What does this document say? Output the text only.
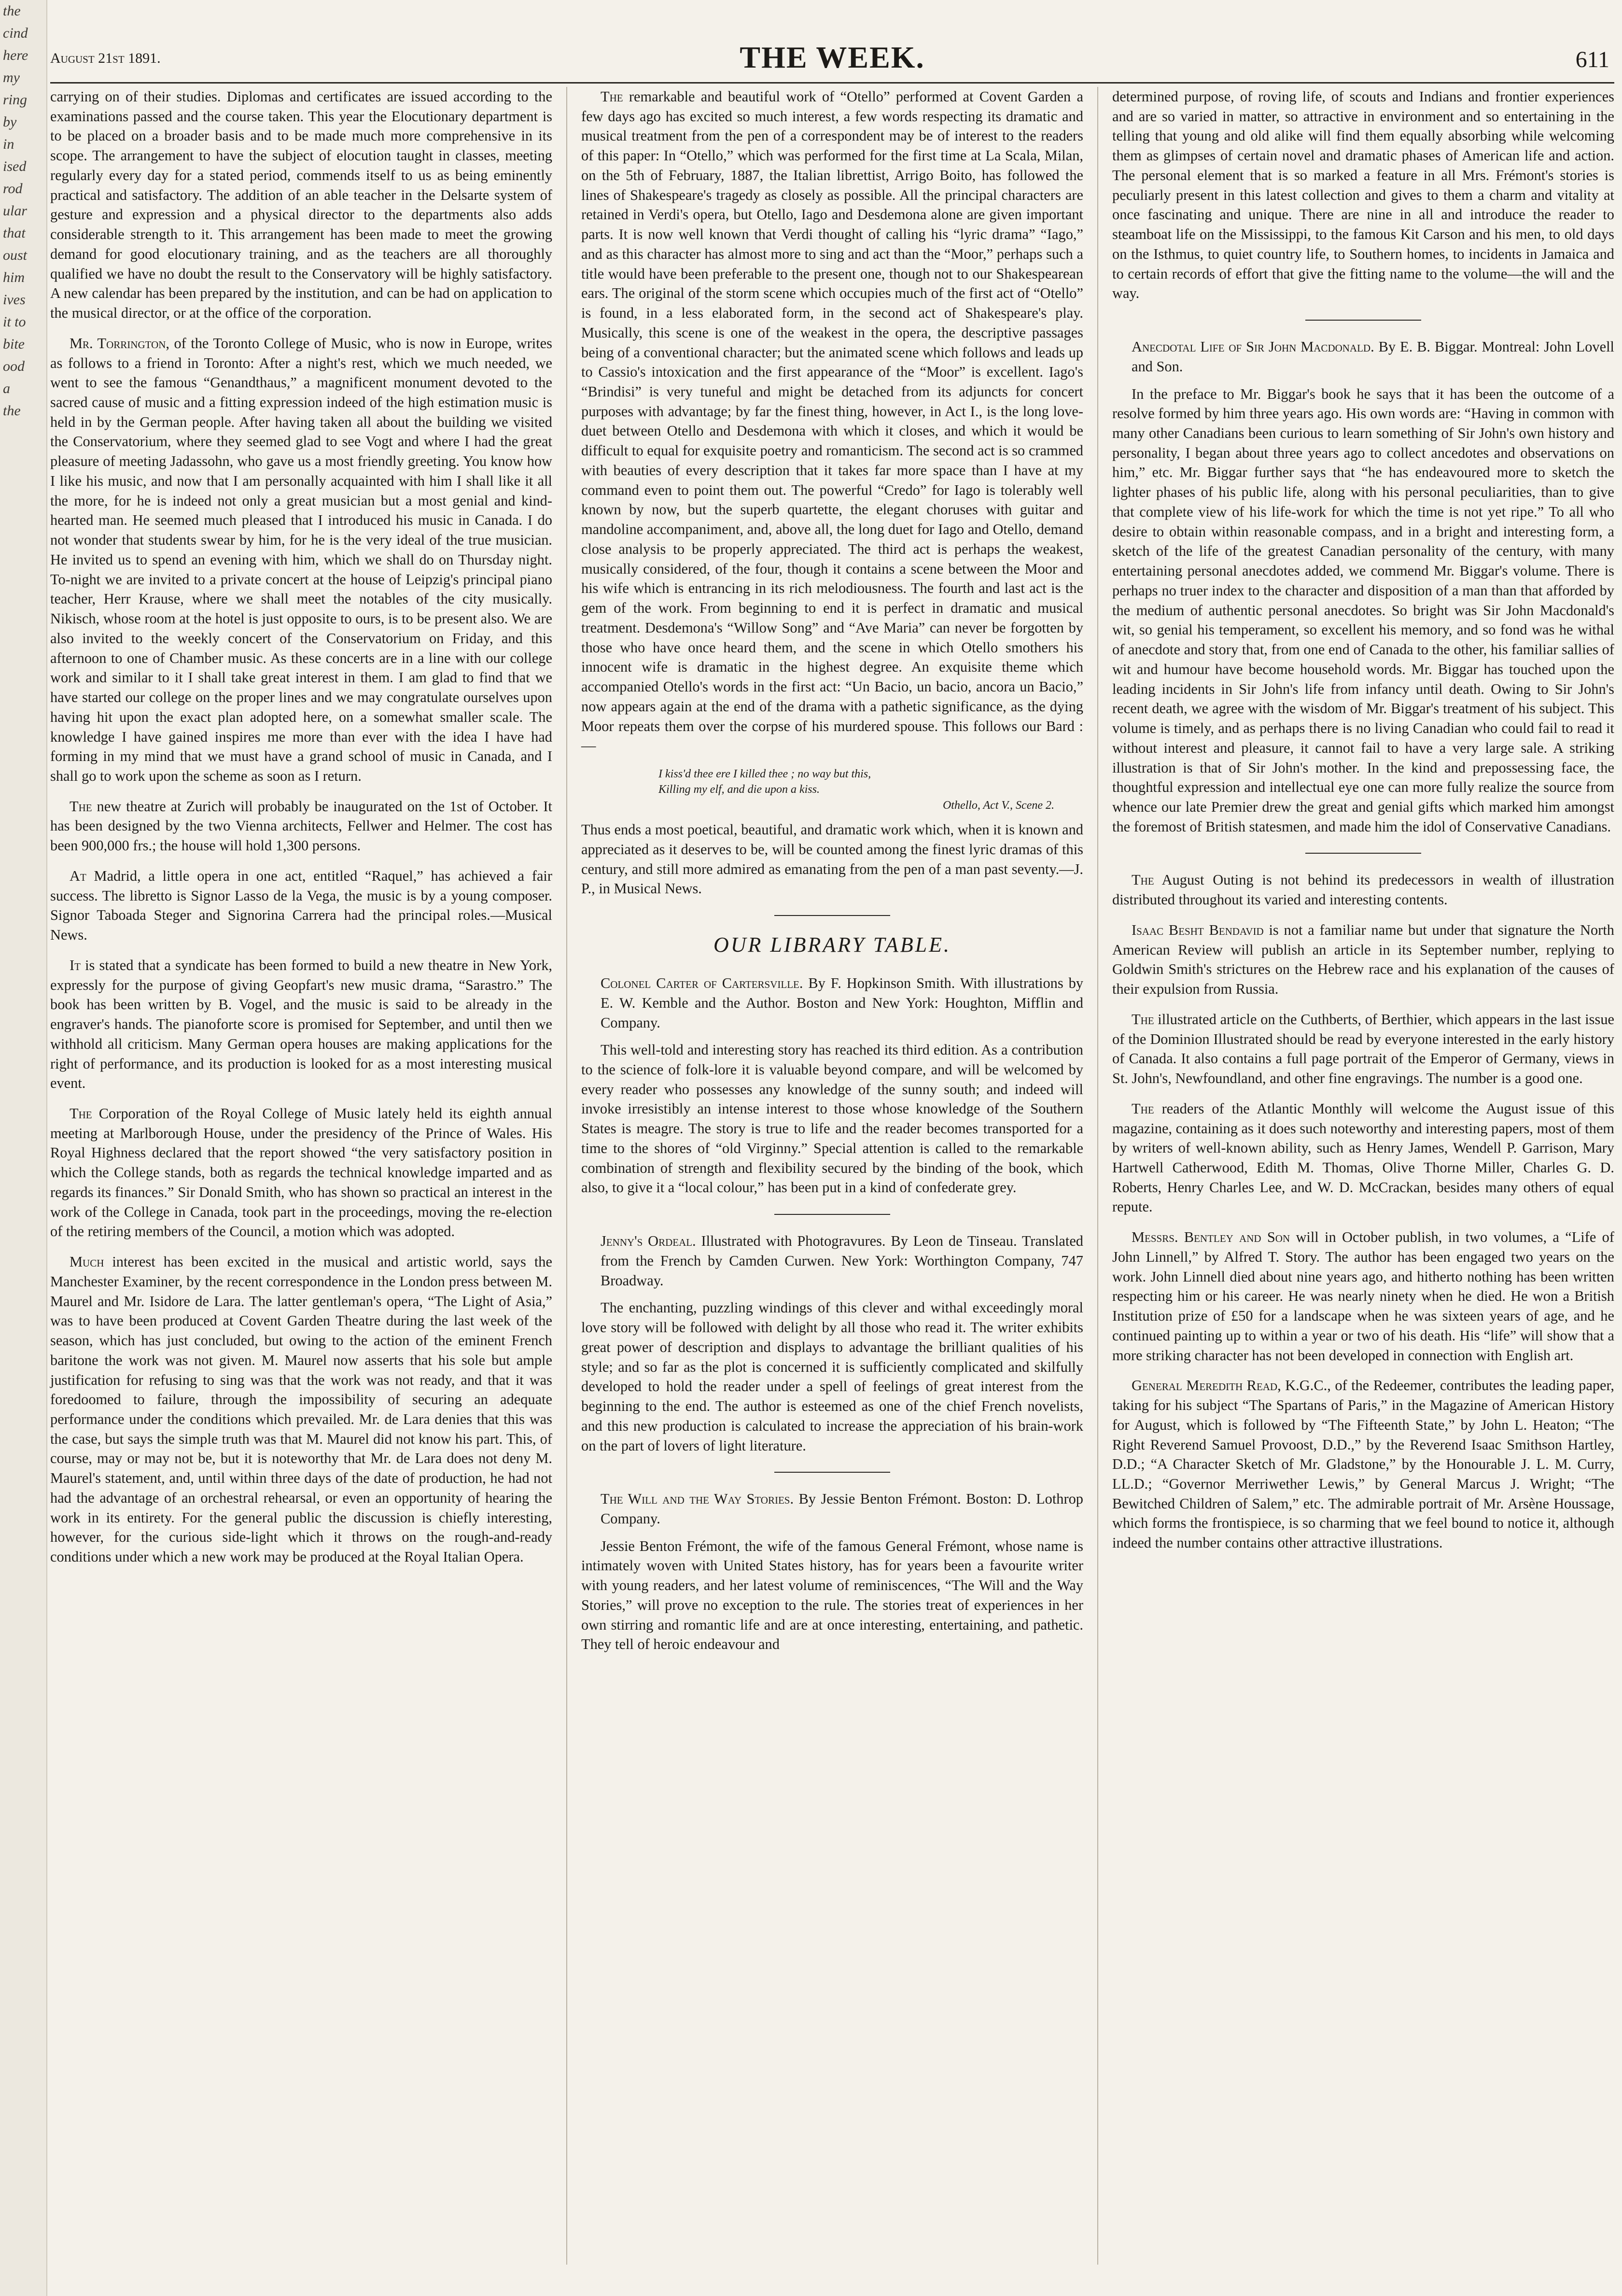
the
cind
here
my
ring
by
in
ised
rod
ular
that
oust
him
ives
it to
bite
ood
a
the
August 21st 1891.	THE WEEK.	611

carrying on of their studies. Diplomas and certificates are issued according to the examinations passed and the course taken. This year the Elocutionary department is to be placed on a broader basis and to be made much more comprehensive in its scope. The arrangement to have the subject of elocution taught in classes, meeting regularly every day for a stated period, commends itself to us as being eminently practical and satisfactory. The addition of an able teacher in the Delsarte system of gesture and expression and a physical director to the departments also adds considerable strength to it. This arrangement has been made to meet the growing demand for good elocutionary training, and as the teachers are all thoroughly qualified we have no doubt the result to the Conservatory will be highly satisfactory. A new calendar has been prepared by the institution, and can be had on application to the musical director, or at the office of the corporation.

Mr. Torrington, of the Toronto College of Music, who is now in Europe, writes as follows to a friend in Toronto: After a night's rest, which we much needed, we went to see the famous “Genandthaus,” a magnificent monument devoted to the sacred cause of music and a fitting expression indeed of the high estimation music is held in by the German people. After having taken all about the building we visited the Conservatorium, where they seemed glad to see Vogt and where I had the great pleasure of meeting Jadassohn, who gave us a most friendly greeting. You know how I like his music, and now that I am personally acquainted with him I shall like it all the more, for he is indeed not only a great musician but a most genial and kind-hearted man. He seemed much pleased that I introduced his music in Canada. I do not wonder that students swear by him, for he is the very ideal of the true musician. He invited us to spend an evening with him, which we shall do on Thursday night. To-night we are invited to a private concert at the house of Leipzig's principal piano teacher, Herr Krause, where we shall meet the notables of the city musically. Nikisch, whose room at the hotel is just opposite to ours, is to be present also. We are also invited to the weekly concert of the Conservatorium on Friday, and this afternoon to one of Chamber music. As these concerts are in a line with our college work and similar to it I shall take great interest in them. I am glad to find that we have started our college on the proper lines and we may congratulate ourselves upon having hit upon the exact plan adopted here, on a somewhat smaller scale. The knowledge I have gained inspires me more than ever with the idea I have had forming in my mind that we must have a grand school of music in Canada, and I shall go to work upon the scheme as soon as I return.

The new theatre at Zurich will probably be inaugurated on the 1st of October. It has been designed by the two Vienna architects, Fellwer and Helmer. The cost has been 900,000 frs.; the house will hold 1,300 persons.

At Madrid, a little opera in one act, entitled “Raquel,” has achieved a fair success. The libretto is Signor Lasso de la Vega, the music is by a young composer. Signor Taboada Steger and Signorina Carrera had the principal roles.—Musical News.

It is stated that a syndicate has been formed to build a new theatre in New York, expressly for the purpose of giving Geopfart's new music drama, “Sarastro.” The book has been written by B. Vogel, and the music is said to be already in the engraver's hands. The pianoforte score is promised for September, and until then we withhold all criticism. Many German opera houses are making applications for the right of performance, and its production is looked for as a most interesting musical event.

The Corporation of the Royal College of Music lately held its eighth annual meeting at Marlborough House, under the presidency of the Prince of Wales. His Royal Highness declared that the report showed “the very satisfactory position in which the College stands, both as regards the technical knowledge imparted and as regards its finances.” Sir Donald Smith, who has shown so practical an interest in the work of the College in Canada, took part in the proceedings, moving the re-election of the retiring members of the Council, a motion which was adopted.

Much interest has been excited in the musical and artistic world, says the Manchester Examiner, by the recent correspondence in the London press between M. Maurel and Mr. Isidore de Lara. The latter gentleman's opera, “The Light of Asia,” was to have been produced at Covent Garden Theatre during the last week of the season, which has just concluded, but owing to the action of the eminent French baritone the work was not given. M. Maurel now asserts that his sole but ample justification for refusing to sing was that the work was not ready, and that it was foredoomed to failure, through the impossibility of securing an adequate performance under the conditions which prevailed. Mr. de Lara denies that this was the case, but says the simple truth was that M. Maurel did not know his part. This, of course, may or may not be, but it is noteworthy that Mr. de Lara does not deny M. Maurel's statement, and, until within three days of the date of production, he had not had the advantage of an orchestral rehearsal, or even an opportunity of hearing the work in its entirety. For the general public the discussion is chiefly interesting, however, for the curious side-light which it throws on the rough-and-ready conditions under which a new work may be produced at the Royal Italian Opera.

The remarkable and beautiful work of “Otello” performed at Covent Garden a few days ago has excited so much interest, a few words respecting its dramatic and musical treatment from the pen of a correspondent may be of interest to the readers of this paper: In “Otello,” which was performed for the first time at La Scala, Milan, on the 5th of February, 1887, the Italian librettist, Arrigo Boito, has followed the lines of Shakespeare's tragedy as closely as possible. All the principal characters are retained in Verdi's opera, but Otello, Iago and Desdemona alone are given important parts. It is now well known that Verdi thought of calling his “lyric drama” “Iago,” and as this character has almost more to sing and act than the “Moor,” perhaps such a title would have been preferable to the present one, though not to our Shakespearean ears. The original of the storm scene which occupies much of the first act of “Otello” is found, in a less elaborated form, in the second act of Shakespeare's play. Musically, this scene is one of the weakest in the opera, the descriptive passages being of a conventional character; but the animated scene which follows and leads up to Cassio's intoxication and the first appearance of the “Moor” is excellent. Iago's “Brindisi” is very tuneful and might be detached from its adjuncts for concert purposes with advantage; by far the finest thing, however, in Act I., is the long love-duet between Otello and Desdemona with which it closes, and which it would be difficult to equal for exquisite poetry and romanticism. The second act is so crammed with beauties of every description that it takes far more space than I have at my command even to point them out. The powerful “Credo” for Iago is tolerably well known by now, but the superb quartette, the elegant choruses with guitar and mandoline accompaniment, and, above all, the long duet for Iago and Otello, demand close analysis to be properly appreciated. The third act is perhaps the weakest, musically considered, of the four, though it contains a scene between the Moor and his wife which is entrancing in its rich melodiousness. The fourth and last act is the gem of the work. From beginning to end it is perfect in dramatic and musical treatment. Desdemona's “Willow Song” and “Ave Maria” can never be forgotten by those who have once heard them, and the scene in which Otello smothers his innocent wife is dramatic in the highest degree. An exquisite theme which accompanied Otello's words in the first act: “Un Bacio, un bacio, ancora un Bacio,” now appears again at the end of the drama with a pathetic significance, as the dying Moor repeats them over the corpse of his murdered spouse. This follows our Bard :—

I kiss'd thee ere I killed thee ; no way but this,
Killing my elf, and die upon a kiss.
Othello, Act V., Scene 2.

Thus ends a most poetical, beautiful, and dramatic work which, when it is known and appreciated as it deserves to be, will be counted among the finest lyric dramas of this century, and still more admired as emanating from the pen of a man past seventy.—J. P., in Musical News.

OUR LIBRARY TABLE.

Colonel Carter of Cartersville. By F. Hopkinson Smith. With illustrations by E. W. Kemble and the Author. Boston and New York: Houghton, Mifflin and Company.

This well-told and interesting story has reached its third edition. As a contribution to the science of folk-lore it is valuable beyond compare, and will be welcomed by every reader who possesses any knowledge of the sunny south; and indeed will invoke irresistibly an intense interest to those whose knowledge of the Southern States is meagre. The story is true to life and the reader becomes transported for a time to the shores of “old Virginny.” Special attention is called to the remarkable combination of strength and flexibility secured by the binding of the book, which also, to give it a “local colour,” has been put in a kind of confederate grey.

Jenny's Ordeal. Illustrated with Photogravures. By Leon de Tinseau. Translated from the French by Camden Curwen. New York: Worthington Company, 747 Broadway.

The enchanting, puzzling windings of this clever and withal exceedingly moral love story will be followed with delight by all those who read it. The writer exhibits great power of description and displays to advantage the brilliant qualities of his style; and so far as the plot is concerned it is sufficiently complicated and skilfully developed to hold the reader under a spell of feelings of great interest from the beginning to the end. The author is esteemed as one of the chief French novelists, and this new production is calculated to increase the appreciation of his brain-work on the part of lovers of light literature.

The Will and the Way Stories. By Jessie Benton Frémont. Boston: D. Lothrop Company.

Jessie Benton Frémont, the wife of the famous General Frémont, whose name is intimately woven with United States history, has for years been a favourite writer with young readers, and her latest volume of reminiscences, “The Will and the Way Stories,” will prove no exception to the rule. The stories treat of experiences in her own stirring and romantic life and are at once interesting, entertaining, and pathetic. They tell of heroic endeavour and

determined purpose, of roving life, of scouts and Indians and frontier experiences and are so varied in matter, so attractive in environment and so entertaining in the telling that young and old alike will find them equally absorbing while welcoming them as glimpses of certain novel and dramatic phases of American life and action. The personal element that is so marked a feature in all Mrs. Frémont's stories is peculiarly present in this latest collection and gives to them a charm and vitality at once fascinating and unique. There are nine in all and introduce the reader to steamboat life on the Mississippi, to the famous Kit Carson and his men, to old days on the Isthmus, to quiet country life, to Southern homes, to incidents in Jamaica and to certain records of effort that give the fitting name to the volume—the will and the way.

Anecdotal Life of Sir John Macdonald. By E. B. Biggar. Montreal: John Lovell and Son.

In the preface to Mr. Biggar's book he says that it has been the outcome of a resolve formed by him three years ago. His own words are: “Having in common with many other Canadians been curious to learn something of Sir John's own history and personality, I began about three years ago to collect ancedotes and observations on him,” etc. Mr. Biggar further says that “he has endeavoured more to sketch the lighter phases of his public life, along with his personal peculiarities, than to give that complete view of his life-work for which the time is not yet ripe.” To all who desire to obtain within reasonable compass, and in a bright and interesting form, a sketch of the life of the greatest Canadian personality of the century, with many entertaining personal anecdotes added, we commend Mr. Biggar's volume. There is perhaps no truer index to the character and disposition of a man than that afforded by the medium of authentic personal anecdotes. So bright was Sir John Macdonald's wit, so genial his temperament, so excellent his memory, and so fond was he withal of anecdote and story that, from one end of Canada to the other, his familiar sallies of wit and humour have become household words. Mr. Biggar has touched upon the leading incidents in Sir John's life from infancy until death. Owing to Sir John's recent death, we agree with the wisdom of Mr. Biggar's treatment of his subject. This volume is timely, and as perhaps there is no living Canadian who could fail to read it without interest and pleasure, it cannot fail to have a very large sale. A striking illustration is that of Sir John's mother. In the kind and prepossessing face, the thoughtful expression and intellectual eye one can more fully realize the source from whence our late Premier drew the great and genial gifts which marked him amongst the foremost of British statesmen, and made him the idol of Conservative Canadians.

The August Outing is not behind its predecessors in wealth of illustration distributed throughout its varied and interesting contents.

Isaac Besht Bendavid is not a familiar name but under that signature the North American Review will publish an article in its September number, replying to Goldwin Smith's strictures on the Hebrew race and his explanation of the causes of their expulsion from Russia.

The illustrated article on the Cuthberts, of Berthier, which appears in the last issue of the Dominion Illustrated should be read by everyone interested in the early history of Canada. It also contains a full page portrait of the Emperor of Germany, views in St. John's, Newfoundland, and other fine engravings. The number is a good one.

The readers of the Atlantic Monthly will welcome the August issue of this magazine, containing as it does such noteworthy and interesting papers, most of them by writers of well-known ability, such as Henry James, Wendell P. Garrison, Mary Hartwell Catherwood, Edith M. Thomas, Olive Thorne Miller, Charles G. D. Roberts, Henry Charles Lee, and W. D. McCrackan, besides many others of equal repute.

Messrs. Bentley and Son will in October publish, in two volumes, a “Life of John Linnell,” by Alfred T. Story. The author has been engaged two years on the work. John Linnell died about nine years ago, and hitherto nothing has been written respecting him or his career. He was nearly ninety when he died. He won a British Institution prize of £50 for a landscape when he was sixteen years of age, and he continued painting up to within a year or two of his death. His “life” will show that a more striking character has not been developed in connection with English art.

General Meredith Read, K.G.C., of the Redeemer, contributes the leading paper, taking for his subject “The Spartans of Paris,” in the Magazine of American History for August, which is followed by “The Fifteenth State,” by John L. Heaton; “The Right Reverend Samuel Provoost, D.D.,” by the Reverend Isaac Smithson Hartley, D.D.; “A Character Sketch of Mr. Gladstone,” by the Honourable J. L. M. Curry, LL.D.; “Governor Merriwether Lewis,” by General Marcus J. Wright; “The Bewitched Children of Salem,” etc. The admirable portrait of Mr. Arsène Houssage, which forms the frontispiece, is so charming that we feel bound to notice it, although indeed the number contains other attractive illustrations.
